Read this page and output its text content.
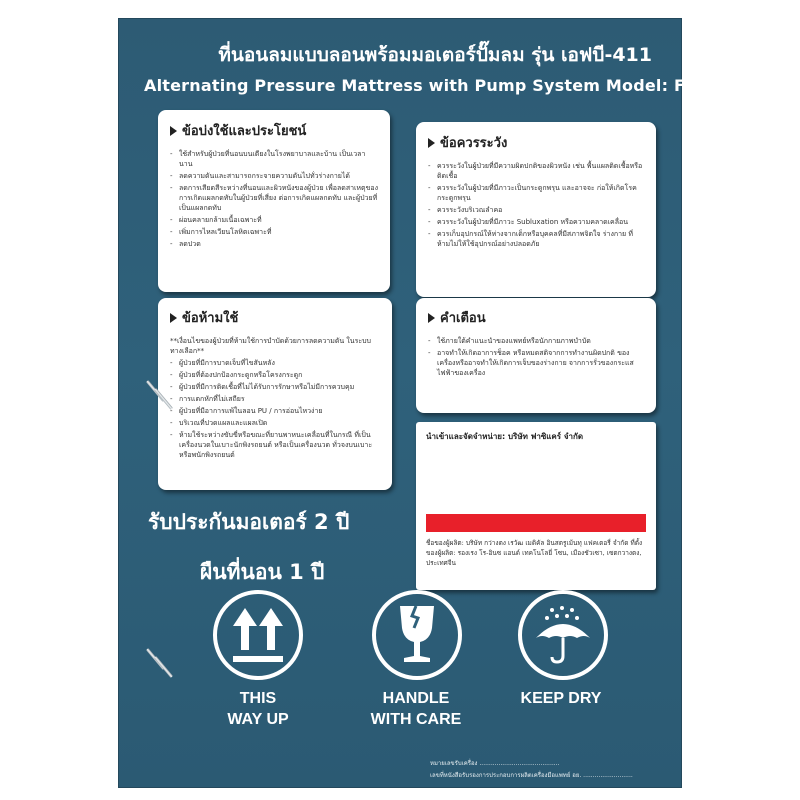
ที่นอนลมแบบลอนพร้อมมอเตอร์ปั๊มลม รุ่น เอฟบี-411
Alternating Pressure Mattress with Pump System Model: FB-411
ข้อบ่งใช้และประโยชน์
- ใช้สำหรับผู้ป่วยที่นอนบนเตียงในโรงพยาบาลและบ้าน เป็นเวลานาน
- ลดความดันและสามารถกระจายความดันไปทั่วร่างกายได้
- ลดการเสียดสีระหว่างที่นอนและผิวหนังของผู้ป่วย เพื่อลดสาเหตุของการเกิดแผลกดทับในผู้ป่วยที่เสี่ยง ต่อการเกิดแผลกดทับ และผู้ป่วยที่เป็นแผลกดทับ
- ผ่อนคลายกล้ามเนื้อเฉพาะที่
- เพิ่มการไหลเวียนโลหิตเฉพาะที่
- ลดปวด
ข้อควรระวัง
- ควรระวังในผู้ป่วยที่มีความผิดปกติของผิวหนัง เช่น พื้นแผลติดเชื้อหรือติดเชื้อ
- ควรระวังในผู้ป่วยที่มีภาวะเป็นกระดูกพรุน และอาจจะ ก่อให้เกิดโรคกระดูกพรุน
- ควรระวังบริเวณลำคอ
- ควรระวังในผู้ป่วยที่มีภาวะ Subluxation หรือความคลาดเคลื่อน
- ควรเก็บอุปกรณ์ให้ห่างจากเด็กหรือบุคคลที่มีสภาพจิตใจ ร่างกาย ที่ห้ามไม่ให้ใช้อุปกรณ์อย่างปลอดภัย
ข้อห้ามใช้

**เงื่อนไขของผู้ป่วยที่ห้ามใช้การบำบัดด้วยการลดความดัน ในระบบทางเลือก**

- ผู้ป่วยที่มีการบาดเจ็บที่ไขสันหลัง
- ผู้ป่วยที่ต้องปกป้องกระดูกหรือโครงกระดูก
- ผู้ป่วยที่มีการติดเชื้อที่ไม่ได้รับการรักษาหรือไม่มีการควบคุม
- การแตกหักที่ไม่เสถียร
- ผู้ป่วยที่มีอาการแพ้ในลอน PU / การอ่อนไหวง่าย
- บริเวณที่ปวดแผลและแผลเปิด
- ห้ามใช้ระหว่างขับขี่หรือขณะที่ยานพาหนะเคลื่อนที่ในกรณี ที่เป็นเครื่องนวดในเบาะนักพิงรถยนต์ หรือเป็นเครื่องนวด ทั่วจงบนเบาะหรือพนักพิงรถยนต์
คำเตือน
- ใช้ภายใต้คำแนะนำของแพทย์หรือนักกายภาพบำบัด
- อาจทำให้เกิดอาการช็อค หรือหมดสติจากการทำงานผิดปกติ ของเครื่องหรืออาจทำให้เกิดการเจ็บของร่างกาย จากการรั่วของกระแสไฟฟ้าของเครื่อง
นำเข้าและจัดจำหน่าย: บริษัท ฟาซิแคร์ จำกัด
ชื่อของผู้ผลิต: บริษัท กว่างตง เรวัฒ เมดิคัล อินสตรูเม้นทุ แฟคเตอรี่ จำกัด ที่ตั้งของผู้ผลิต: รองเรง โร-อินซ แอนด์ เทคโนโลยี่ โซน, เมืองชัวเซา, เซตกวางตง, ประเทศจีน
รับประกันมอเตอร์ 2 ปี
ผืนที่นอน 1 ปี
THIS
WAY UP
HANDLE
WITH CARE
KEEP DRY
หมายเลขรับเครื่อง ..........................................
เลขที่หนังสือรับรองการประกอบการผลิตเครื่องมือแพทย์ อย. ..........................
